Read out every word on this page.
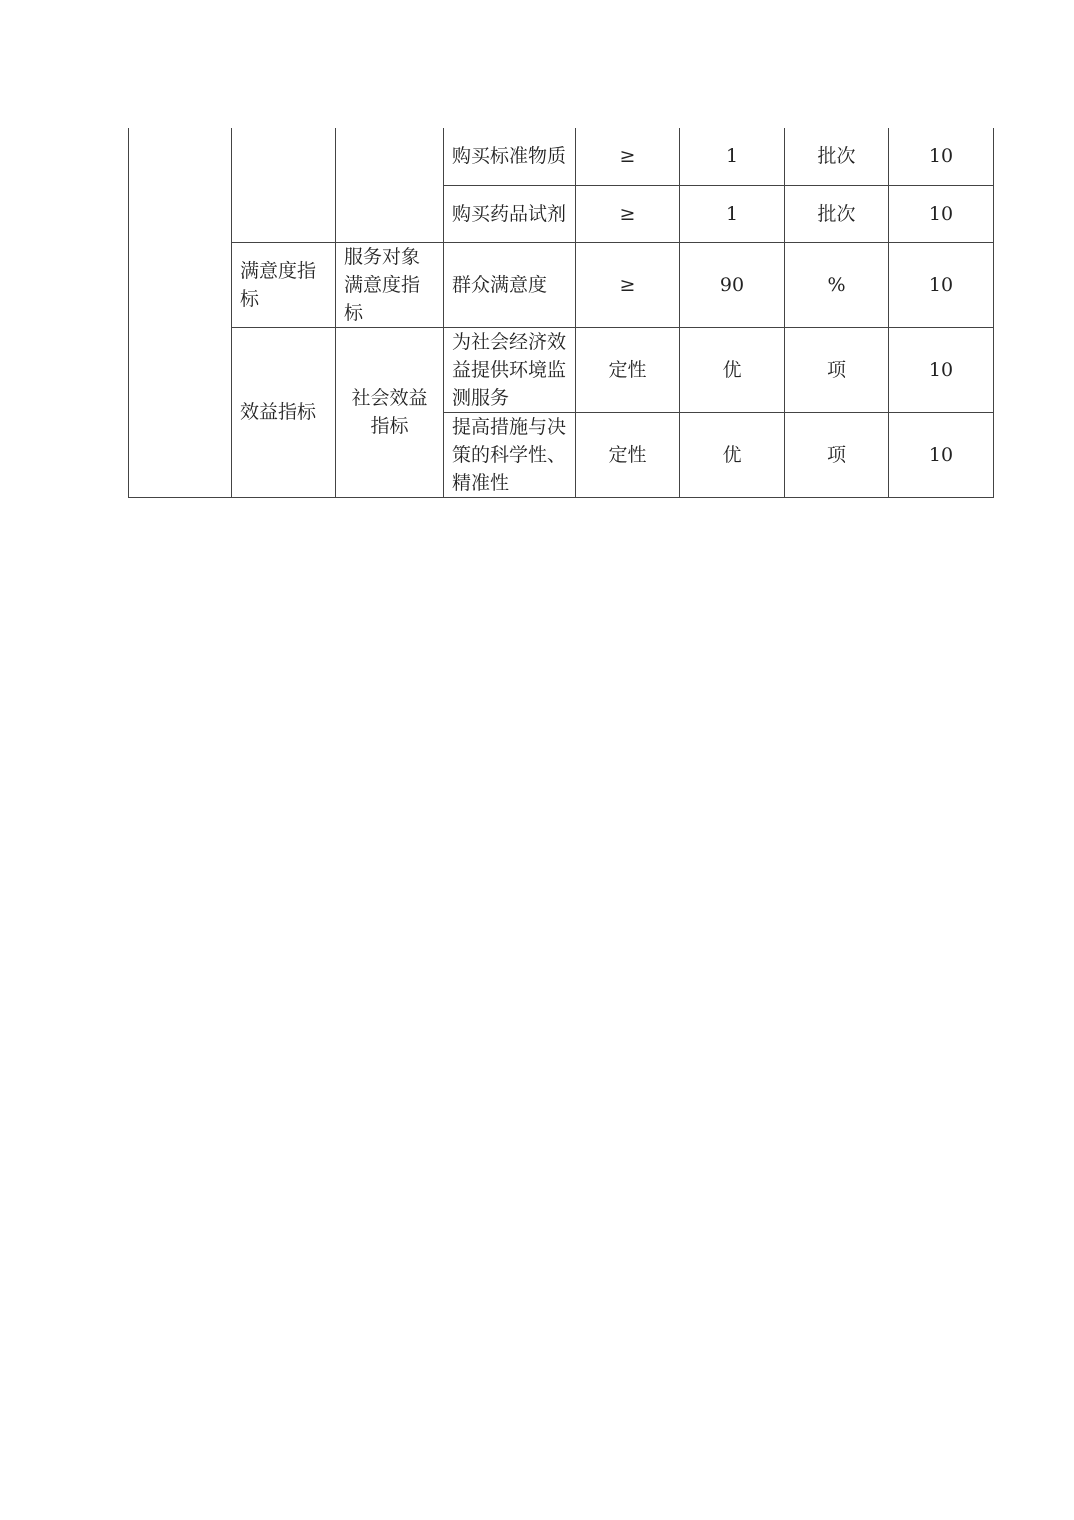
			购买标准物质	≥	1	批次	10
			购买药品试剂	≥	1	批次	10
	满意度指标	服务对象满意度指标	群众满意度	≥	90	%	10
	效益指标	社会效益指标	为社会经济效益提供环境监测服务	定性	优	项	10
			提高措施与决策的科学性、精准性	定性	优	项	10
